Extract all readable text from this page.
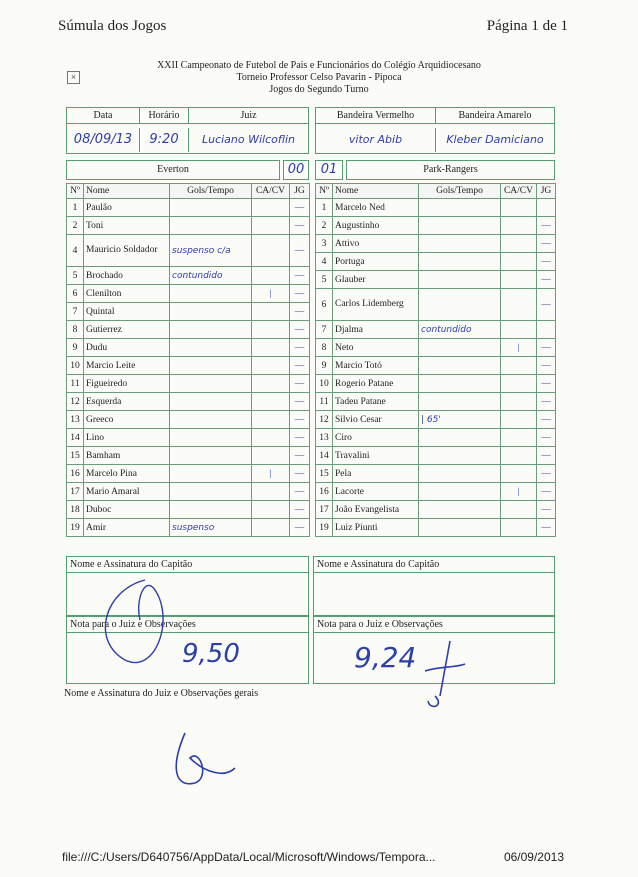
Súmula dos Jogos	Página 1 de 1
×
XXII Campeonato de Futebol de Pais e Funcionários do Colégio Arquidiocesano
Torneio Professor Celso Pavarin - Pipoca
Jogos do Segundo Turno
Data	Horário	Juiz
08/09/13	9:20	Luciano Wilcoflin
Bandeira Vermelho	Bandeira Amarelo
vitor Abib	Kleber Damiciano
Everton	00	01	Park-Rangers
Nº	Nome	Gols/Tempo	CA/CV	JG
1	Paulão			—
2	Toni			—
4	Mauricio Soldador	suspenso c/a		—
5	Brochado	contundido		—
6	Clenilton		|	—
7	Quintal			—
8	Gutierrez			—
9	Dudu			—
10	Marcio Leite			—
11	Figueiredo			—
12	Esquerda			—
13	Greeco			—
14	Lino			—
15	Bamham			—
16	Marcelo Pina		|	—
17	Mario Amaral			—
18	Duboc			—
19	Amir	suspenso		—
Nº	Nome	Gols/Tempo	CA/CV	JG
1	Marcelo Ned			
2	Augustinho			—
3	Attivo			—
4	Portuga			—
5	Glauber			—
6	Carlos Lidemberg			—
7	Djalma	contundido		
8	Neto		|	—
9	Marcio Totó			—
10	Rogerio Patane			—
11	Tadeu Patane			—
12	Silvio Cesar	| 65'		—
13	Ciro			—
14	Travalini			—
15	Pela			—
16	Lacorte		|	—
17	João Evangelista			—
19	Luiz Piunti			—
Nome e Assinatura do Capitão	Nome e Assinatura do Capitão
Nota para o Juiz e Observações
9,50
Nota para o Juiz e Observações
9,24
Nome e Assinatura do Juiz e Observações gerais
file:///C:/Users/D640756/AppData/Local/Microsoft/Windows/Tempora...	06/09/2013
